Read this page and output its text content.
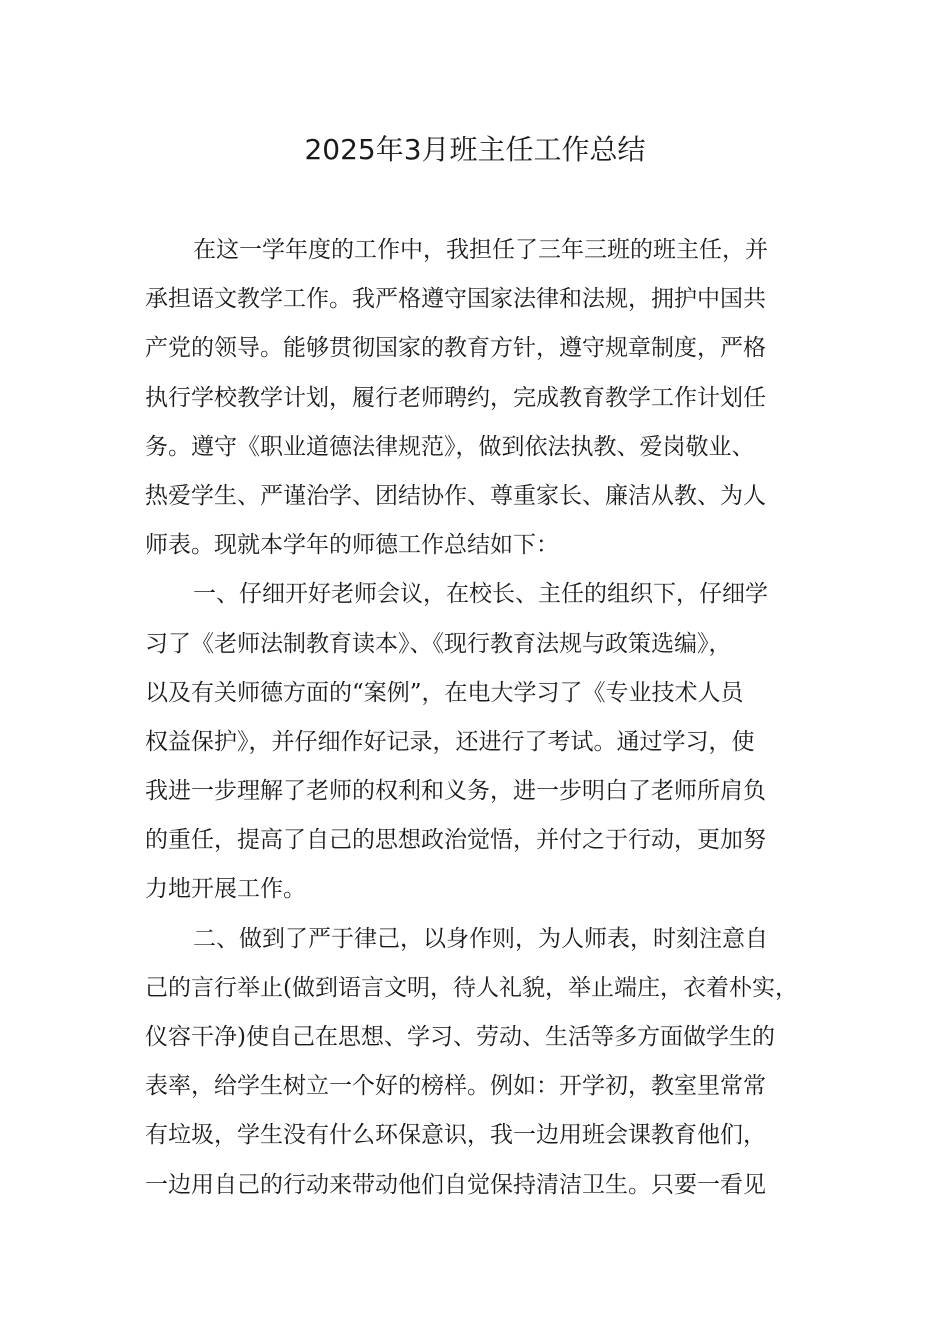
2025年3月班主任工作总结
在这一学年度的工作中，我担任了三年三班的班主任，并
承担语文教学工作。我严格遵守国家法律和法规，拥护中国共
产党的领导。能够贯彻国家的教育方针，遵守规章制度，严格
执行学校教学计划，履行老师聘约，完成教育教学工作计划任
务。遵守《职业道德法律规范》，做到依法执教、爱岗敬业、
热爱学生、严谨治学、团结协作、尊重家长、廉洁从教、为人
师表。现就本学年的师德工作总结如下：
一、仔细开好老师会议，在校长、主任的组织下，仔细学
习了《老师法制教育读本》、《现行教育法规与政策选编》，
以及有关师德方面的“案例”，在电大学习了《专业技术人员
权益保护》，并仔细作好记录，还进行了考试。通过学习，使
我进一步理解了老师的权利和义务，进一步明白了老师所肩负
的重任，提高了自己的思想政治觉悟，并付之于行动，更加努
力地开展工作。
二、做到了严于律己，以身作则，为人师表，时刻注意自
己的言行举止(做到语言文明，待人礼貌，举止端庄，衣着朴实，
仪容干净)使自己在思想、学习、劳动、生活等多方面做学生的
表率，给学生树立一个好的榜样。例如：开学初，教室里常常
有垃圾，学生没有什么环保意识，我一边用班会课教育他们，
一边用自己的行动来带动他们自觉保持清洁卫生。只要一看见
